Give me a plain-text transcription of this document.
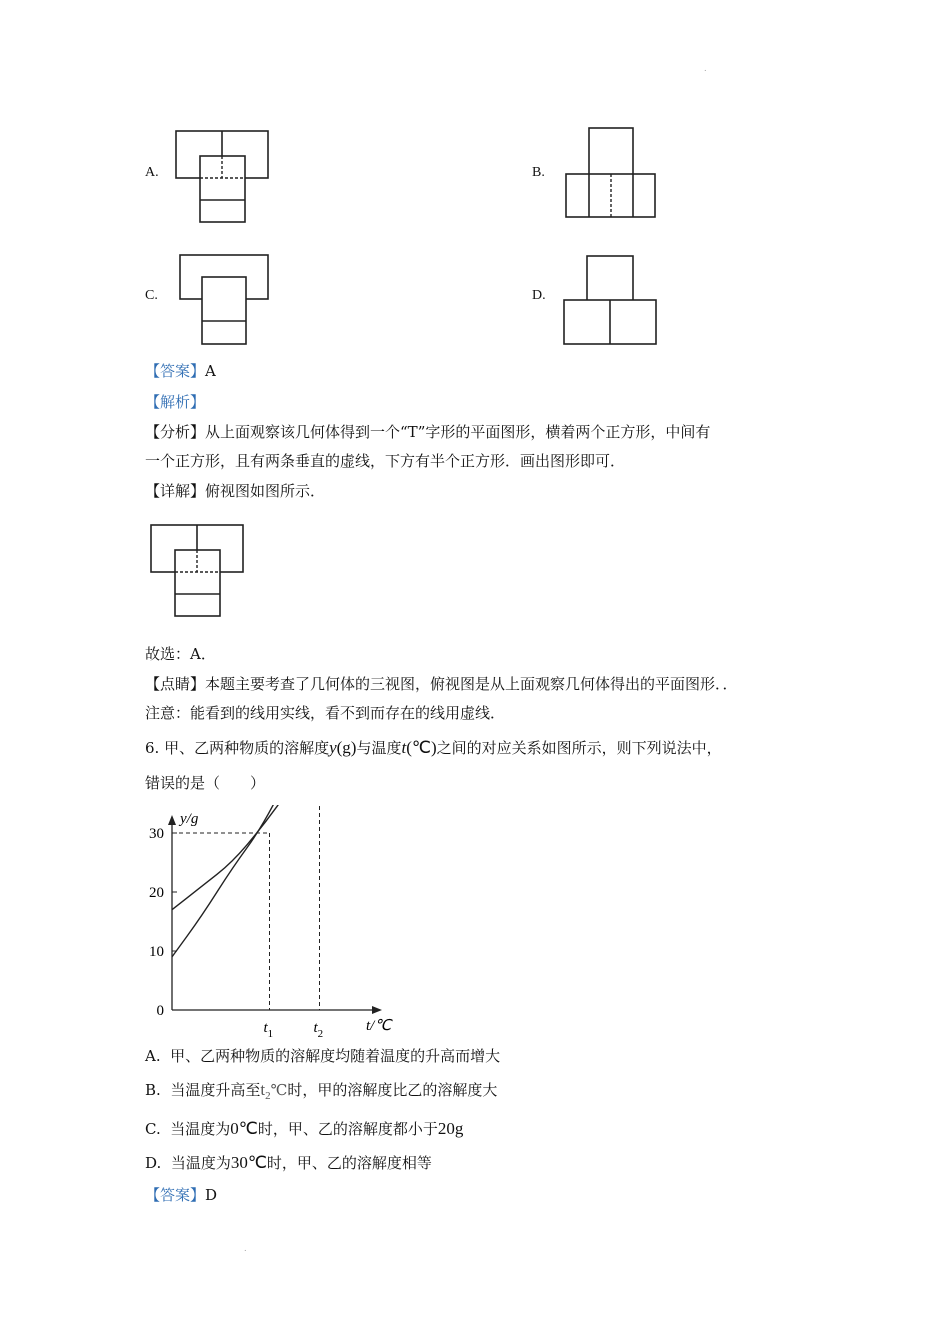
.
.
A.	B.
C.	D.
【答案】A
【解析】
【分析】从上面观察该几何体得到一个“T”字形的平面图形，横着两个正方形，中间有
一个正方形，且有两条垂直的虚线，下方有半个正方形．画出图形即可．
【详解】俯视图如图所示．
故选：A．
【点睛】本题主要考查了几何体的三视图，俯视图是从上面观察几何体得出的平面图形．．
注意：能看到的线用实线，看不到而存在的线用虚线．
6. 甲、乙两种物质的溶解度y(g)与温度t(℃)之间的对应关系如图所示，则下列说法中，
错误的是（　　）
y/g
t/℃
0
10
20
30
$t_1$	$t_2$
A. 甲、乙两种物质的溶解度均随着温度的升高而增大
B. 当温度升高至$t_2℃$时，甲的溶解度比乙的溶解度大
C. 当温度为0℃时，甲、乙的溶解度都小于20g
D. 当温度为30℃时，甲、乙的溶解度相等
【答案】D
